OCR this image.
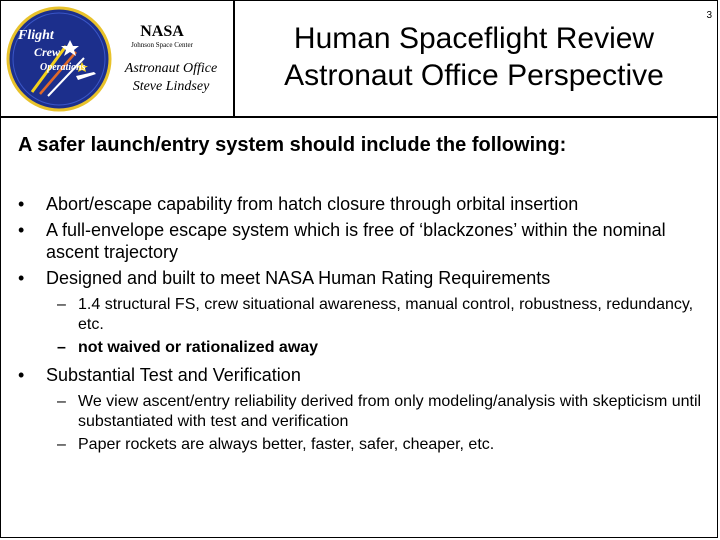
Flight
Crew
Operations
NASA
Johnson Space Center
Astronaut Office
Steve Lindsey
Human Spaceflight Review
Astronaut Office Perspective
3
A safer launch/entry system should include the following:
• Abort/escape capability from hatch closure through orbital insertion
• A full-envelope escape system which is free of ‘blackzones’ within the nominal ascent trajectory
• Designed and built to meet NASA Human Rating Requirements
– 1.4 structural FS, crew situational awareness, manual control, robustness, redundancy, etc.
– not waived or rationalized away
• Substantial Test and Verification
– We view ascent/entry reliability derived from only modeling/analysis with skepticism until substantiated with test and verification
– Paper rockets are always better, faster, safer, cheaper, etc.
